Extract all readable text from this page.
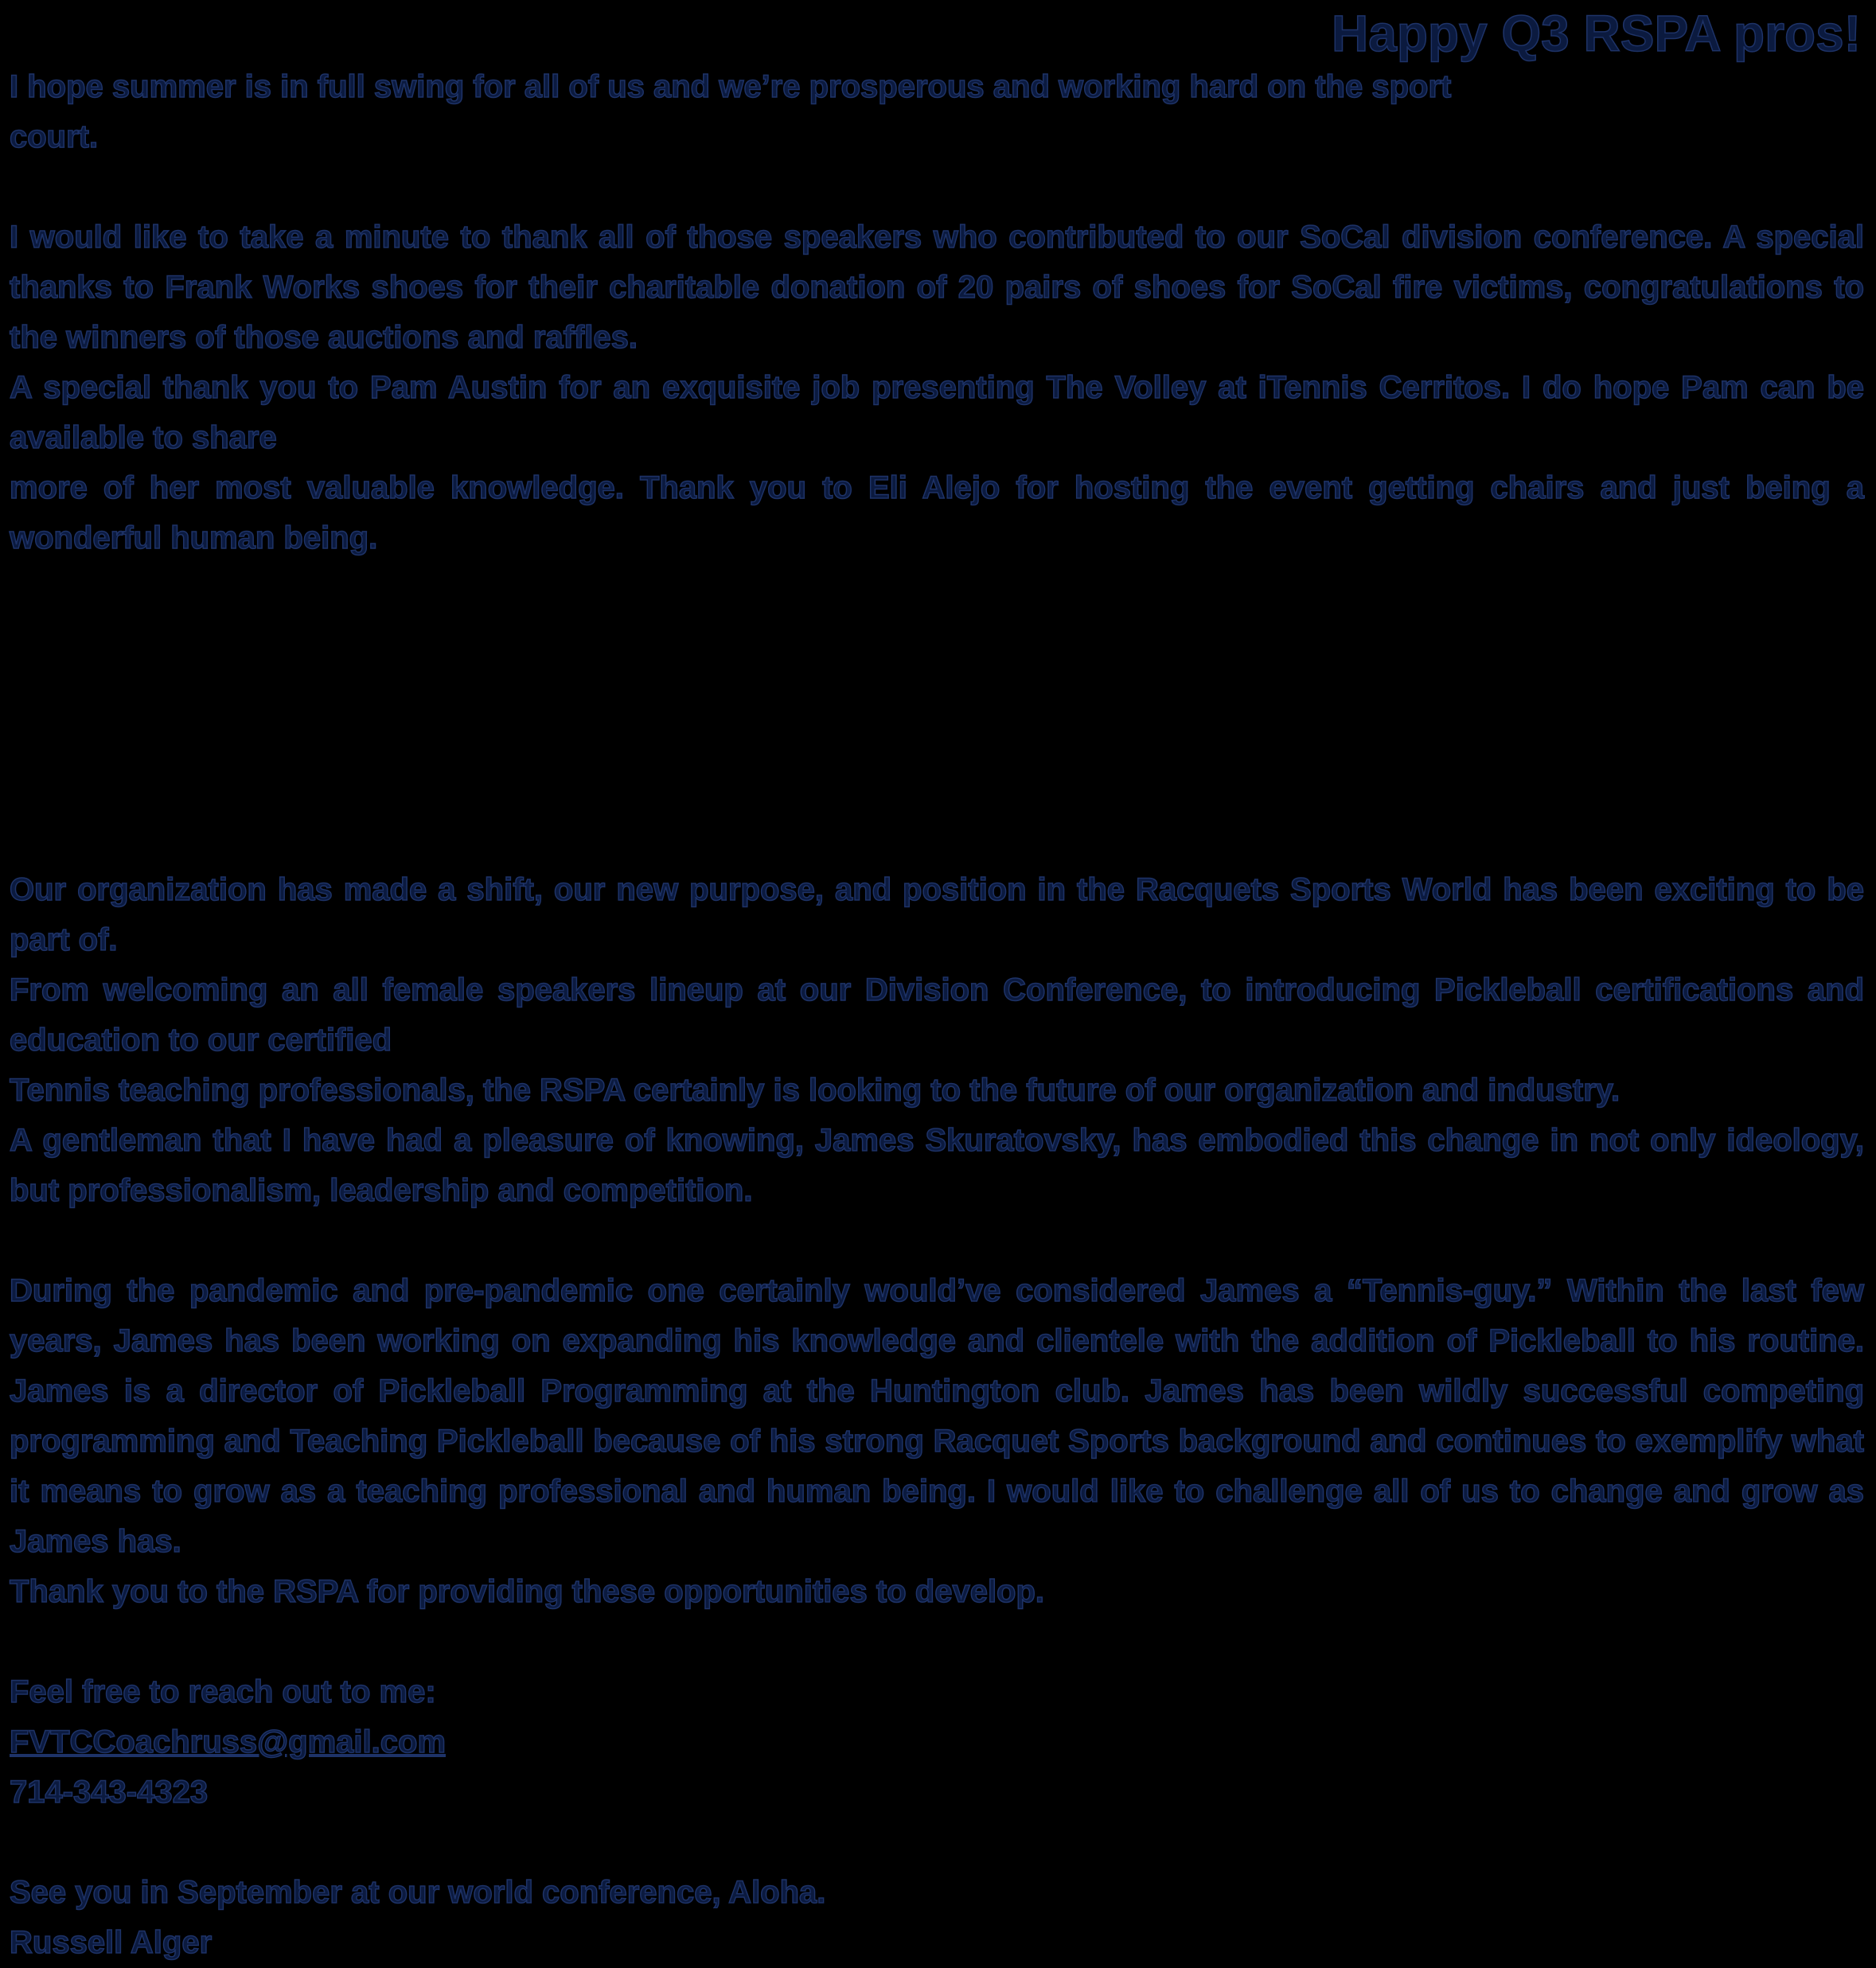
Happy Q3 RSPA pros!

I hope summer is in full swing for all of us and we’re prosperous and working hard on the sport
court.

I would like to take a minute to thank all of those speakers who contributed to our SoCal division conference. A special thanks to Frank Works shoes for their charitable donation of 20 pairs of shoes for SoCal fire victims, congratulations to the winners of those auctions and raffles.

A special thank you to Pam Austin for an exquisite job presenting The Volley at iTennis Cerritos. I do hope Pam can be available to share

more of her most valuable knowledge. Thank you to Eli Alejo for hosting the event getting chairs and just being a wonderful human being.

Our organization has made a shift, our new purpose, and position in the Racquets Sports World has been exciting to be part of.

From welcoming an all female speakers lineup at our Division Conference, to introducing Pickleball certifications and education to our certified

Tennis teaching professionals, the RSPA certainly is looking to the future of our organization and industry.

A gentleman that I have had a pleasure of knowing, James Skuratovsky, has embodied this change in not only ideology, but professionalism, leadership and competition.

During the pandemic and pre-pandemic one certainly would’ve considered James a “Tennis-guy.” Within the last few years, James has been working on expanding his knowledge and clientele with the addition of Pickleball to his routine. James is a director of Pickleball Programming at the Huntington club. James has been wildly successful competing programming and Teaching Pickleball because of his strong Racquet Sports background and continues to exemplify what it means to grow as a teaching professional and human being. I would like to challenge all of us to change and grow as James has.

Thank you to the RSPA for providing these opportunities to develop.

Feel free to reach out to me:

FVTCCoachruss@gmail.com

714-343-4323

See you in September at our world conference, Aloha.

Russell Alger
